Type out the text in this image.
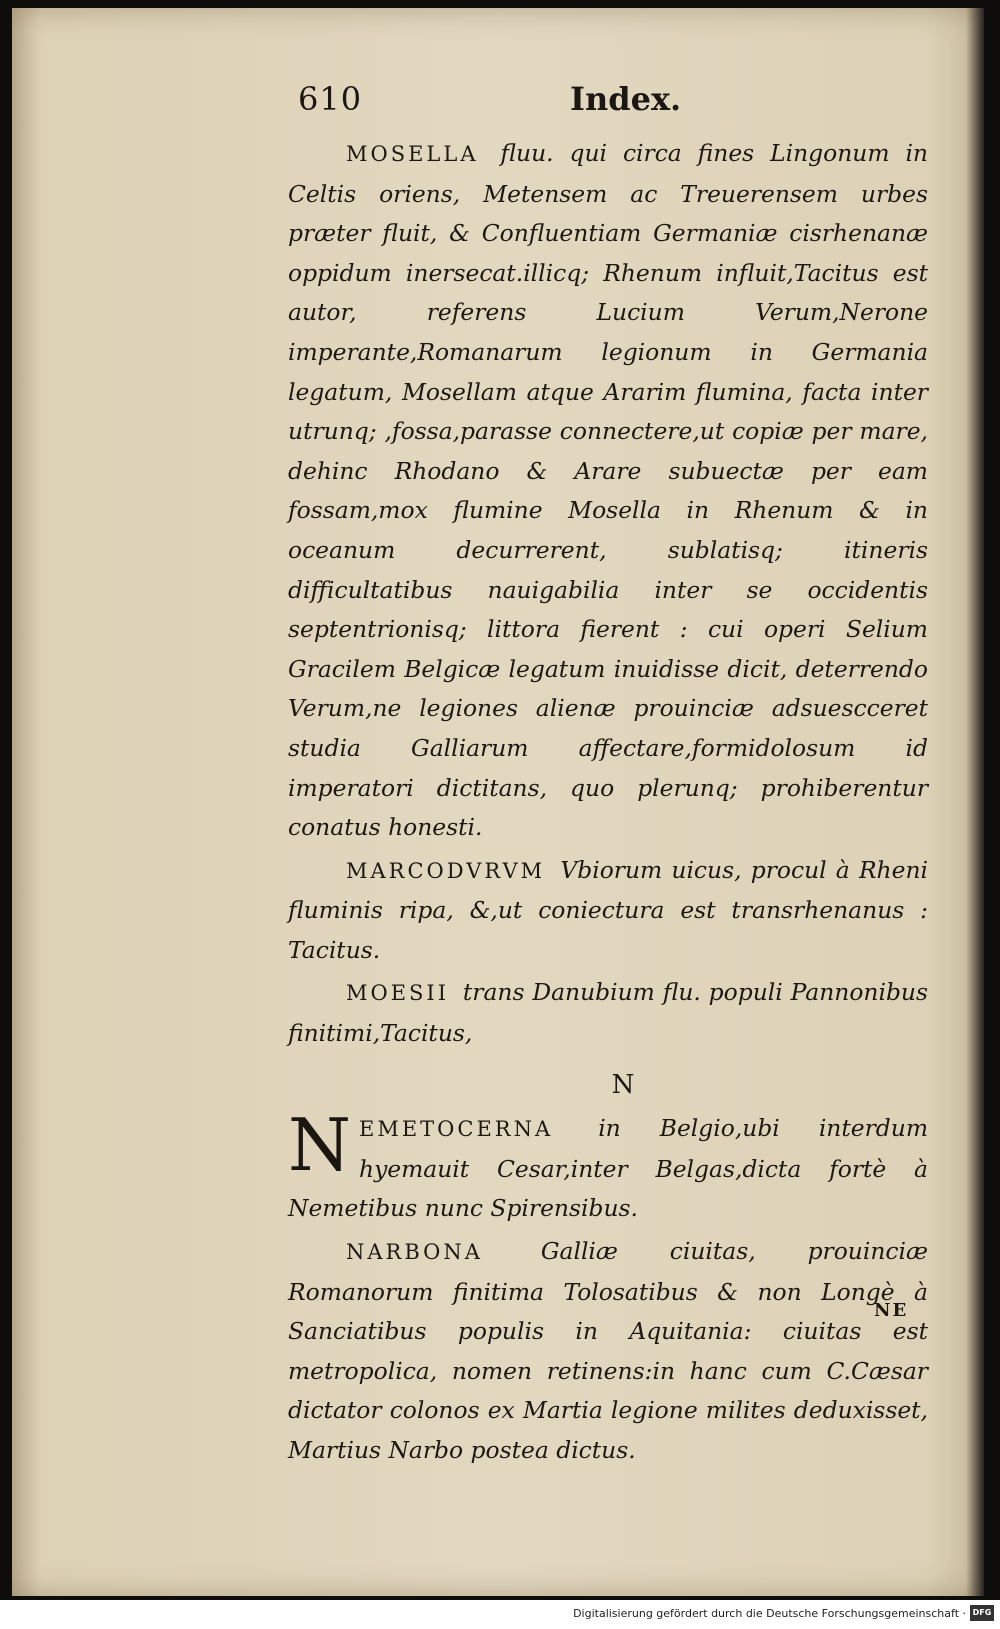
610	Index.

MOSELLA fluu. qui circa fines Lingonum in Celtis oriens, Metensem ac Treuerensem urbes præter fluit, & Confluentiam Germaniæ cisrhenanæ oppidum inersecat.illicq; Rhenum influit,Tacitus est autor, referens Lucium Verum,Nerone imperante,Romanarum legionum in Germania legatum, Mosellam atque Ararim flumina, facta inter utrunq; ,fossa,parasse connectere,ut copiæ per mare, dehinc Rhodano & Arare subuectæ per eam fossam,mox flumine Mosella in Rhenum & in oceanum decurrerent, sublatisq; itineris difficultatibus nauigabilia inter se occidentis septentrionisq; littora fierent : cui operi Selium Gracilem Belgicæ legatum inuidisse dicit, deterrendo Verum,ne legiones alienæ prouinciæ adsuescceret studia Galliarum affectare,formidolosum id imperatori dictitans, quo plerunq; prohiberentur conatus honesti.

MARCODVRVM Vbiorum uicus, procul à Rheni fluminis ripa, &,ut coniectura est transrhenanus : Tacitus.

MOESII trans Danubium flu. populi Pannonibus finitimi,Tacitus,

N

N EMETOCERNA in Belgio,ubi interdum hyemauit Cesar,inter Belgas,dicta fortè à Nemetibus nunc Spirensibus.

NARBONA Galliæ ciuitas, prouinciæ Romanorum finitima Tolosatibus & non Longè à Sanciatibus populis in Aquitania: ciuitas est metropolica, nomen retinens:in hanc cum C.Cæsar dictator colonos ex Martia legione milites deduxisset, Martius Narbo postea dictus.

NE
Digitalisierung gefördert durch die Deutsche Forschungsgemeinschaft · DFG
